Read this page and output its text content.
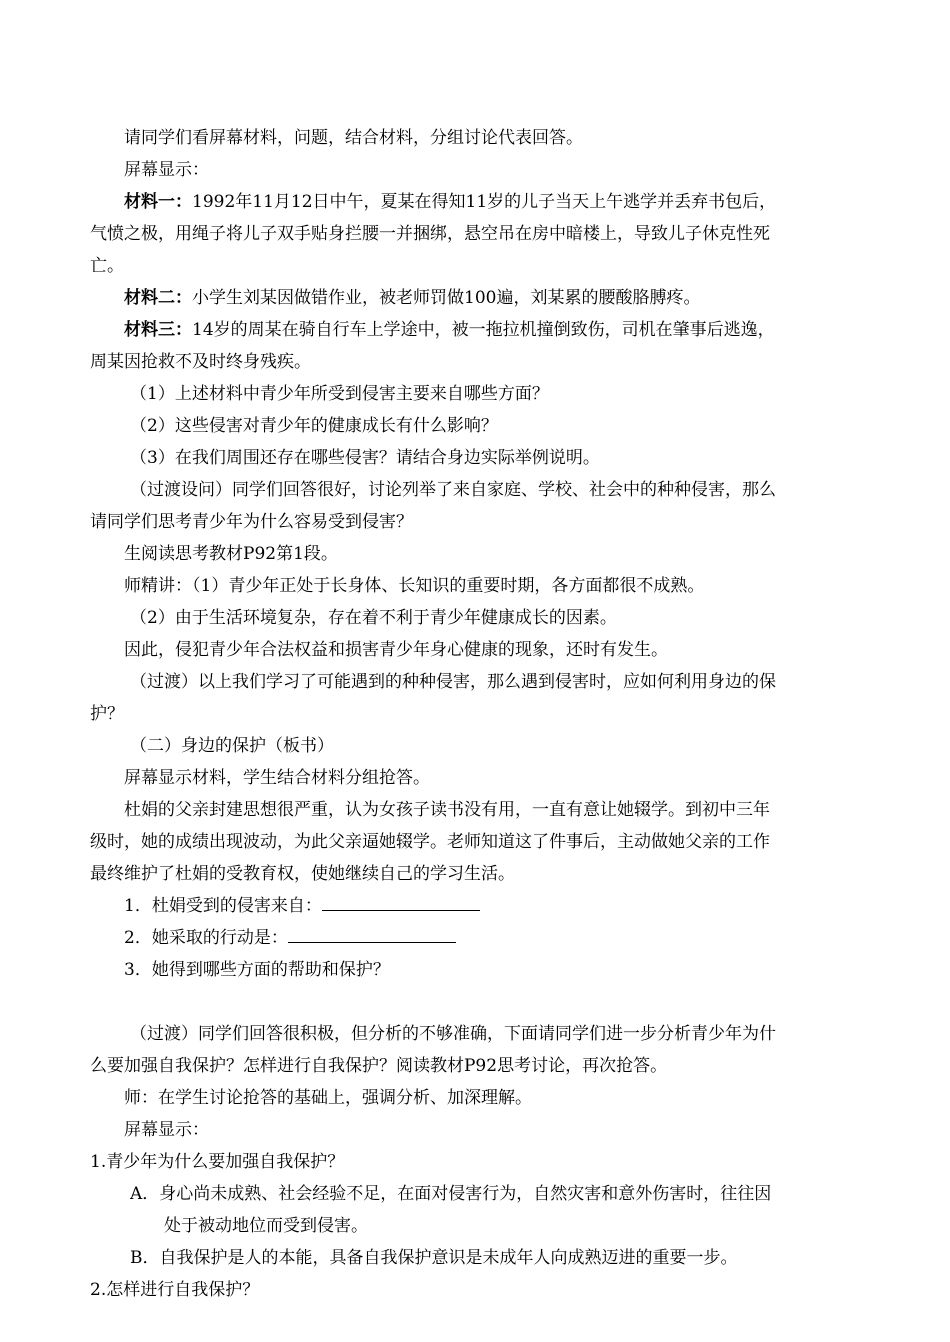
请同学们看屏幕材料，问题，结合材料，分组讨论代表回答。
屏幕显示：
材料一：1992年11月12日中午，夏某在得知11岁的儿子当天上午逃学并丢弃书包后，
气愤之极，用绳子将儿子双手贴身拦腰一并捆绑，悬空吊在房中暗楼上，导致儿子休克性死
亡。
材料二：小学生刘某因做错作业，被老师罚做100遍，刘某累的腰酸胳膊疼。
材料三：14岁的周某在骑自行车上学途中，被一拖拉机撞倒致伤，司机在肇事后逃逸，
周某因抢救不及时终身残疾。
（1）上述材料中青少年所受到侵害主要来自哪些方面？
（2）这些侵害对青少年的健康成长有什么影响？
（3）在我们周围还存在哪些侵害？请结合身边实际举例说明。
（过渡设问）同学们回答很好，讨论列举了来自家庭、学校、社会中的种种侵害，那么
请同学们思考青少年为什么容易受到侵害？
生阅读思考教材P92第1段。
师精讲：（1）青少年正处于长身体、长知识的重要时期，各方面都很不成熟。
（2）由于生活环境复杂，存在着不利于青少年健康成长的因素。
因此，侵犯青少年合法权益和损害青少年身心健康的现象，还时有发生。
（过渡）以上我们学习了可能遇到的种种侵害，那么遇到侵害时，应如何利用身边的保
护？
（二）身边的保护（板书）
屏幕显示材料，学生结合材料分组抢答。
杜娟的父亲封建思想很严重，认为女孩子读书没有用，一直有意让她辍学。到初中三年
级时，她的成绩出现波动，为此父亲逼她辍学。老师知道这了件事后，主动做她父亲的工作
最终维护了杜娟的受教育权，使她继续自己的学习生活。
1．杜娟受到的侵害来自：
2．她采取的行动是：
3．她得到哪些方面的帮助和保护？
（过渡）同学们回答很积极，但分析的不够准确，下面请同学们进一步分析青少年为什
么要加强自我保护？怎样进行自我保护？阅读教材P92思考讨论，再次抢答。
师：在学生讨论抢答的基础上，强调分析、加深理解。
屏幕显示：
1.青少年为什么要加强自我保护？
A．身心尚未成熟、社会经验不足，在面对侵害行为，自然灾害和意外伤害时，往往因
处于被动地位而受到侵害。
B．自我保护是人的本能，具备自我保护意识是未成年人向成熟迈进的重要一步。
2.怎样进行自我保护？
